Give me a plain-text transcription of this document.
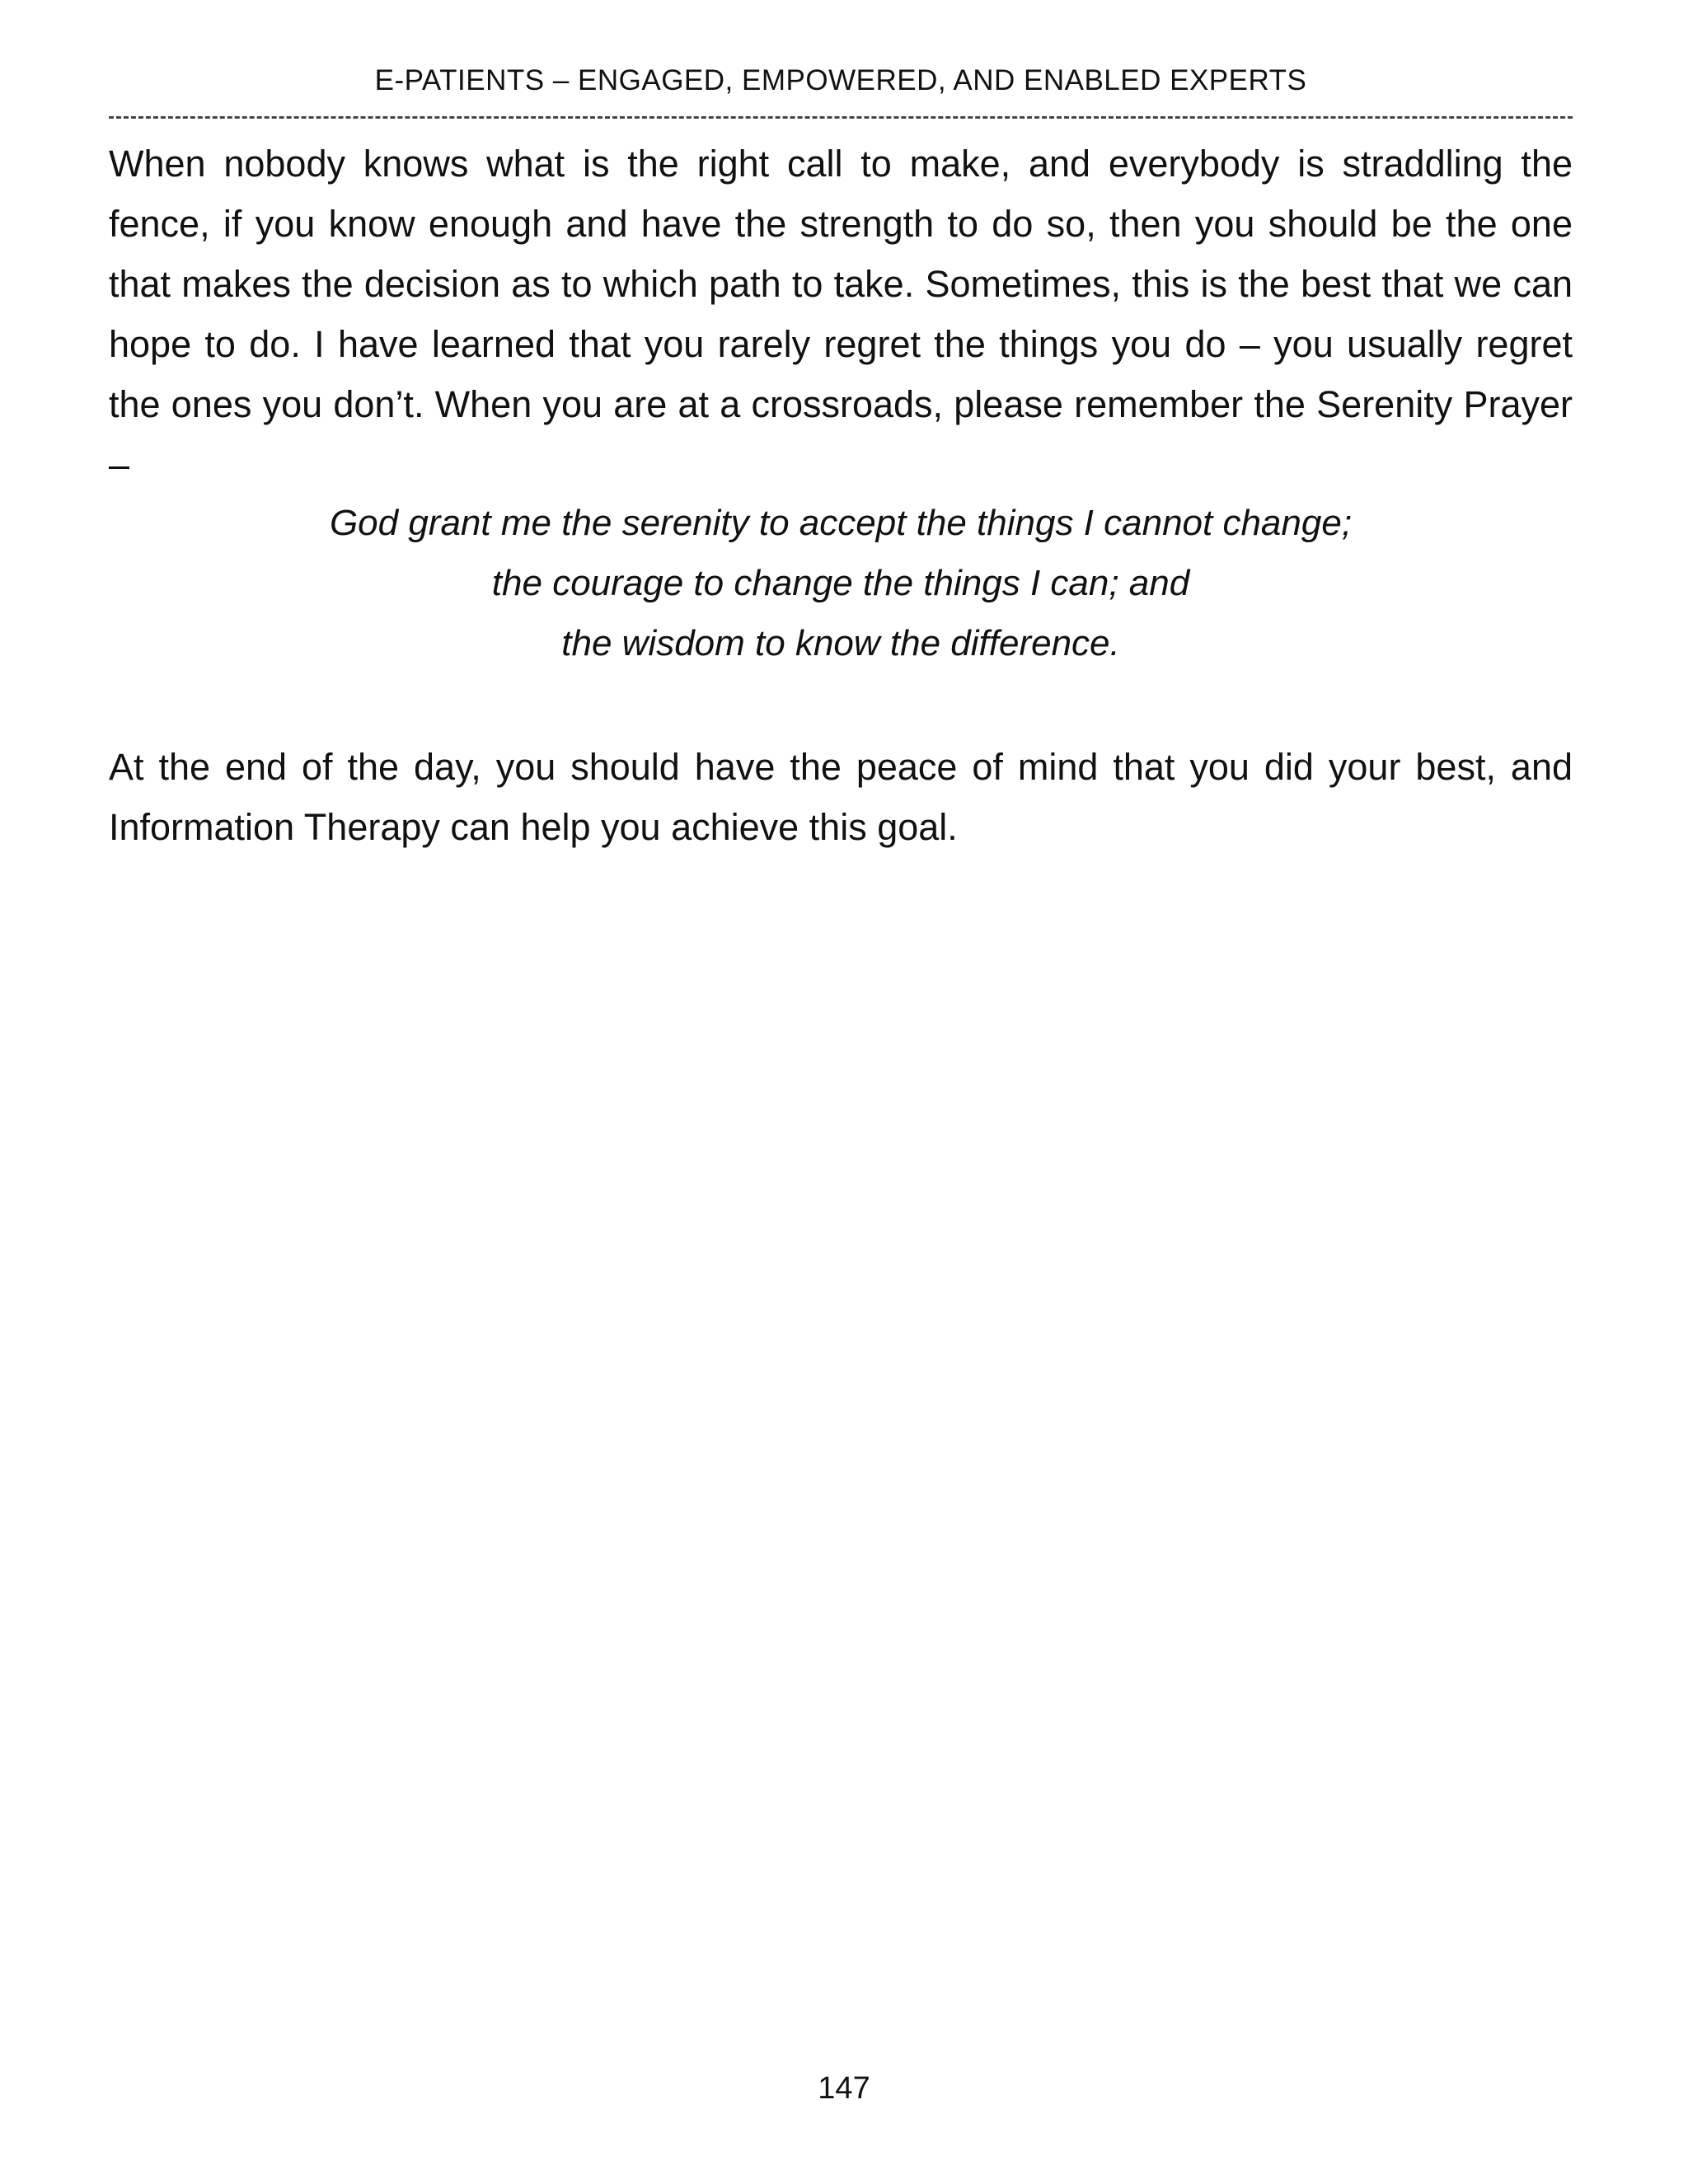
E-PATIENTS – ENGAGED, EMPOWERED, AND ENABLED EXPERTS

When nobody knows what is the right call to make, and everybody is straddling the fence, if you know enough and have the strength to do so, then you should be the one that makes the decision as to which path to take. Sometimes, this is the best that we can hope to do. I have learned that you rarely regret the things you do – you usually regret the ones you don’t. When you are at a crossroads, please remember the Serenity Prayer –

God grant me the serenity to accept the things I cannot change;
the courage to change the things I can; and
the wisdom to know the difference.

At the end of the day, you should have the peace of mind that you did your best, and Information Therapy can help you achieve this goal.

147
